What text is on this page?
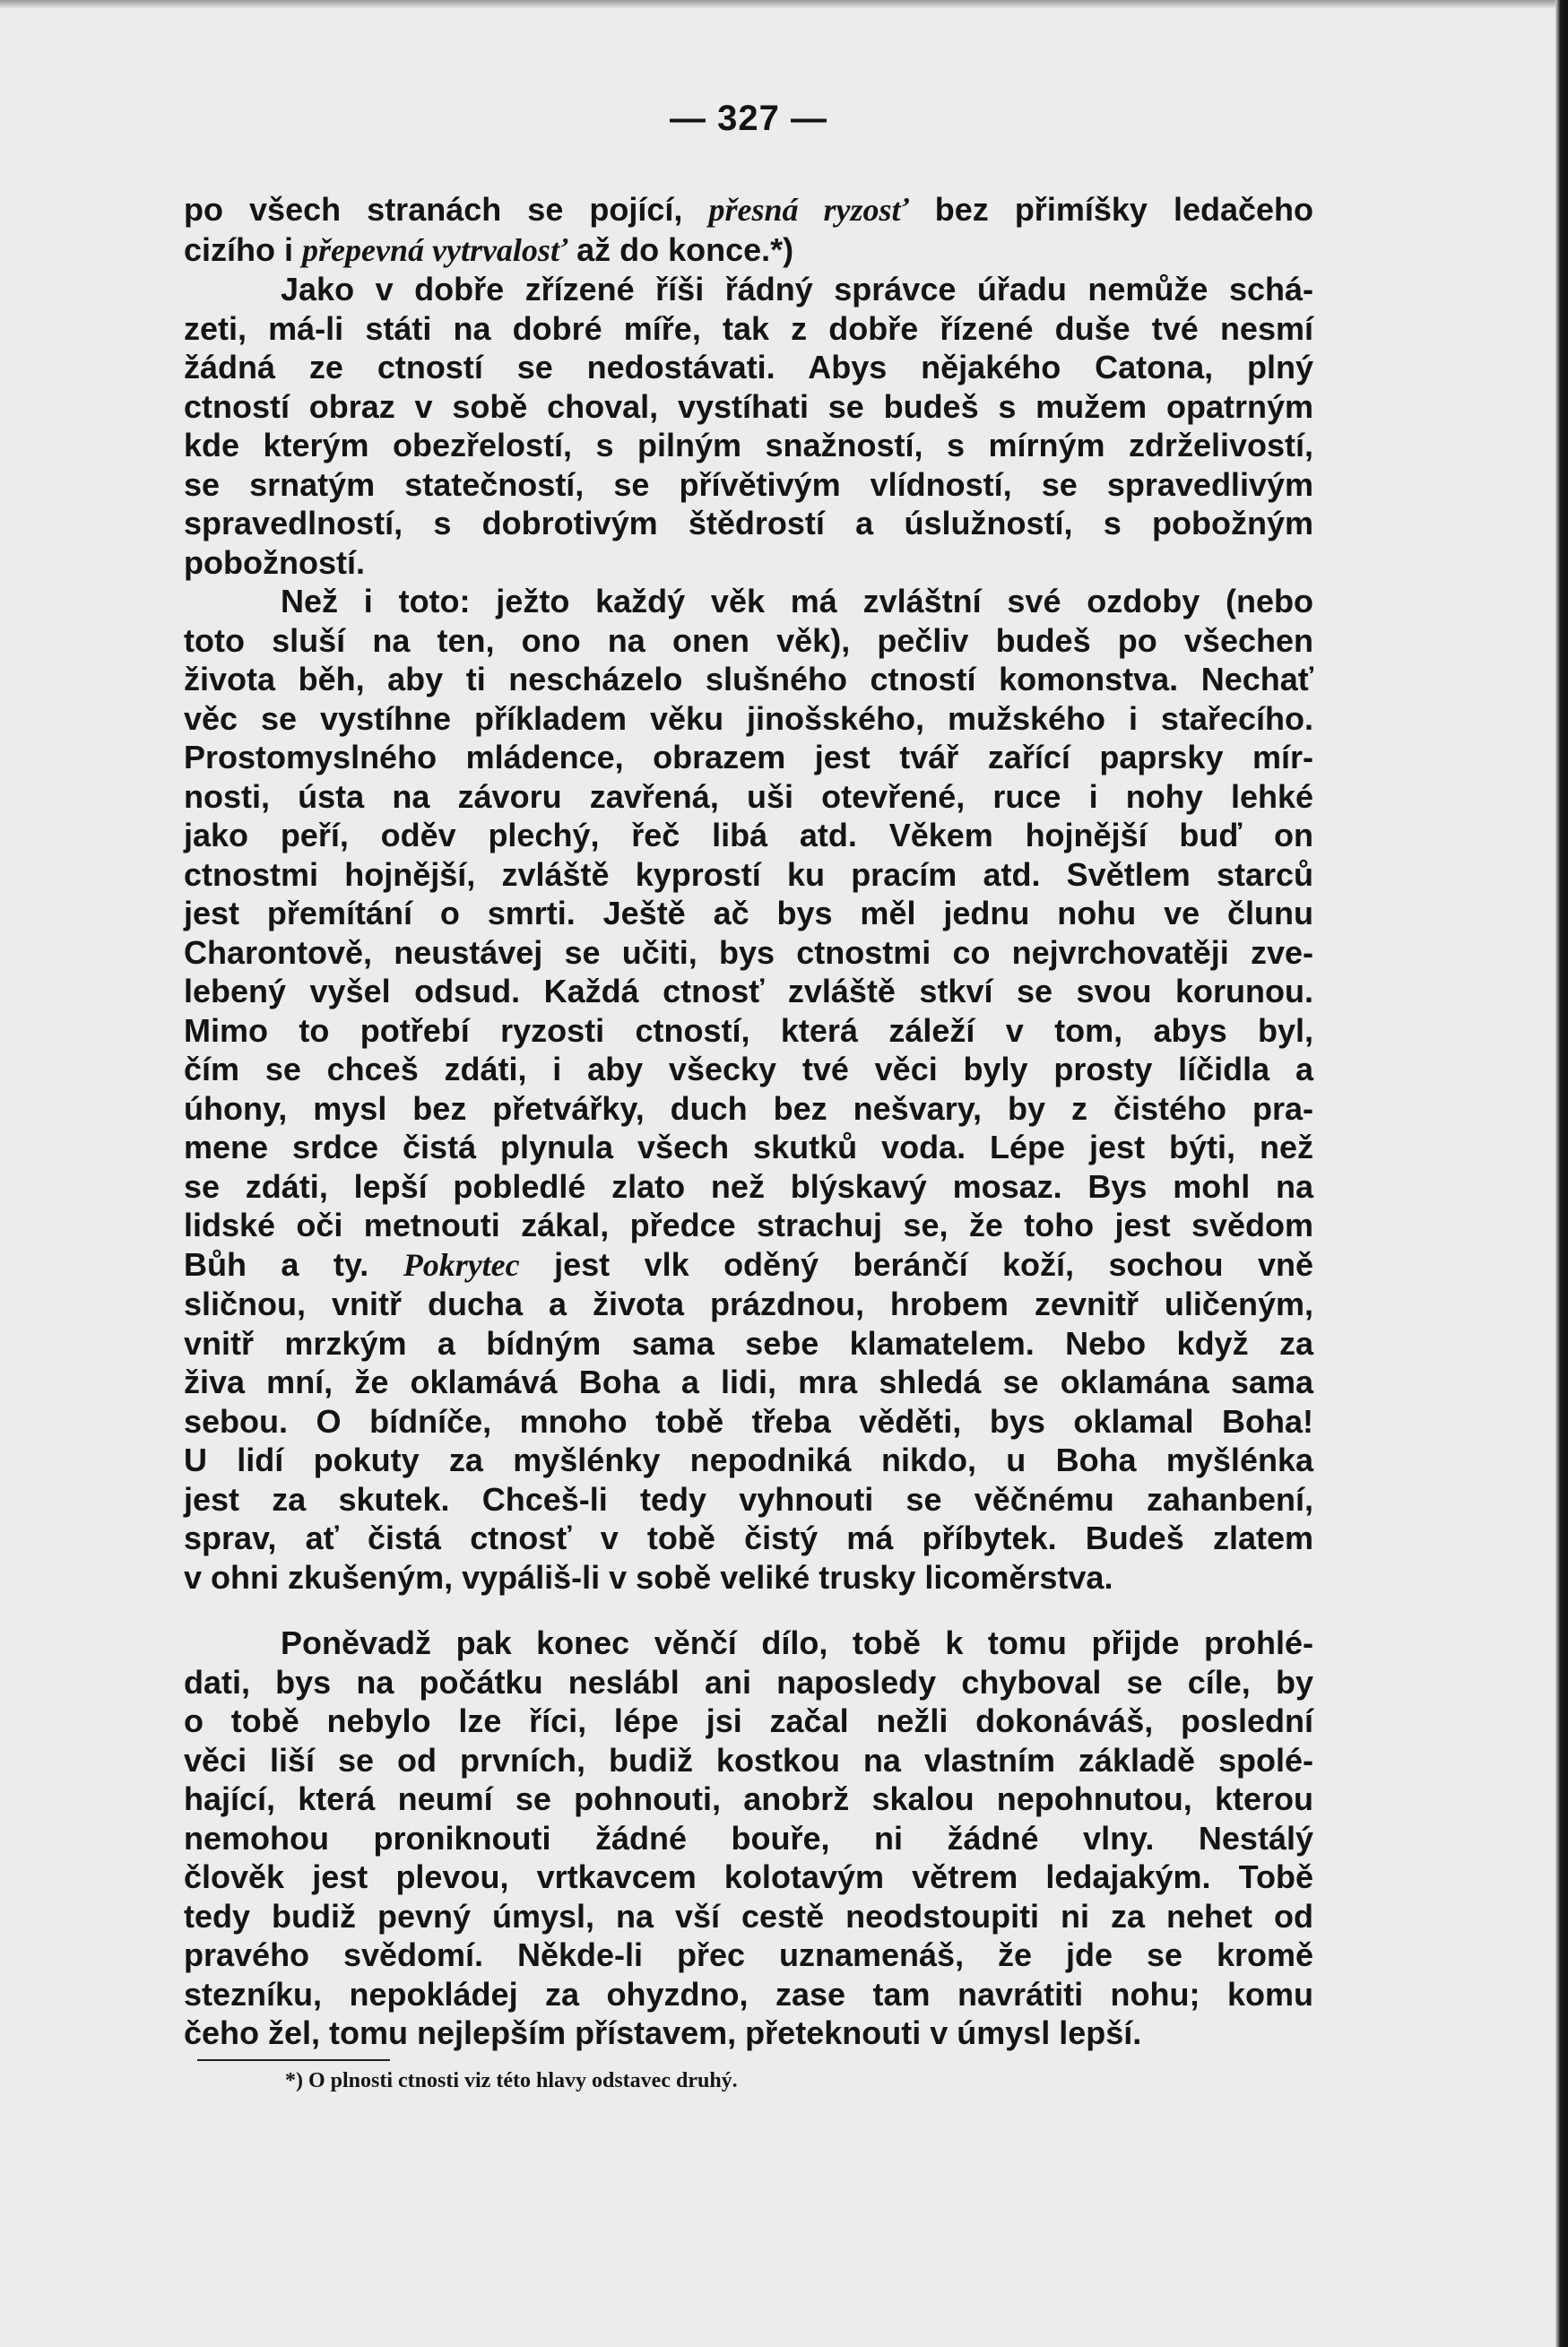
— 327 —
po všech stranách se pojící, přesná ryzosť bez přimíšky ledačeho
cizího i přepevná vytrvalosť až do konce.*)
Jako v dobře zřízené říši řádný správce úřadu nemůže schá-
zeti, má-li státi na dobré míře, tak z dobře řízené duše tvé nesmí
žádná ze ctností se nedostávati. Abys nějakého Catona, plný
ctností obraz v sobě choval, vystíhati se budeš s mužem opatrným
kde kterým obezřelostí, s pilným snažností, s mírným zdrželivostí,
se srnatým statečností, se přívětivým vlídností, se spravedlivým
spravedlností, s dobrotivým štědrostí a úslužností, s pobožným
pobožností.
Než i toto: ježto každý věk má zvláštní své ozdoby (nebo
toto sluší na ten, ono na onen věk), pečliv budeš po všechen
života běh, aby ti nescházelo slušného ctností komonstva. Nechať
věc se vystíhne příkladem věku jinošského, mužského i stařecího.
Prostomyslného mládence, obrazem jest tvář zařící paprsky mír-
nosti, ústa na závoru zavřená, uši otevřené, ruce i nohy lehké
jako peří, oděv plechý, řeč libá atd. Věkem hojnější buď on
ctnostmi hojnější, zvláště kyprostí ku pracím atd. Světlem starců
jest přemítání o smrti. Ještě ač bys měl jednu nohu ve člunu
Charontově, neustávej se učiti, bys ctnostmi co nejvrchovatěji zve-
lebený vyšel odsud. Každá ctnosť zvláště stkví se svou korunou.
Mimo to potřebí ryzosti ctností, která záleží v tom, abys byl,
čím se chceš zdáti, i aby všecky tvé věci byly prosty líčidla a
úhony, mysl bez přetvářky, duch bez nešvary, by z čistého pra-
mene srdce čistá plynula všech skutků voda. Lépe jest býti, než
se zdáti, lepší pobledlé zlato než blýskavý mosaz. Bys mohl na
lidské oči metnouti zákal, předce strachuj se, že toho jest svědom
Bůh a ty. Pokrytec jest vlk oděný beránčí koží, sochou vně
sličnou, vnitř ducha a života prázdnou, hrobem zevnitř uličeným,
vnitř mrzkým a bídným sama sebe klamatelem. Nebo když za
živa mní, že oklamává Boha a lidi, mra shledá se oklamána sama
sebou. O bídníče, mnoho tobě třeba věděti, bys oklamal Boha!
U lidí pokuty za myšlénky nepodniká nikdo, u Boha myšlénka
jest za skutek. Chceš-li tedy vyhnouti se věčnému zahanbení,
sprav, ať čistá ctnosť v tobě čistý má příbytek. Budeš zlatem
v ohni zkušeným, vypáliš-li v sobě veliké trusky licoměrstva.
Poněvadž pak konec věnčí dílo, tobě k tomu přijde prohlé-
dati, bys na počátku neslábl ani naposledy chyboval se cíle, by
o tobě nebylo lze říci, lépe jsi začal nežli dokonáváš, poslední
věci liší se od prvních, budiž kostkou na vlastním základě spolé-
hající, která neumí se pohnouti, anobrž skalou nepohnutou, kterou
nemohou proniknouti žádné bouře, ni žádné vlny. Nestálý
člověk jest plevou, vrtkavcem kolotavým větrem ledajakým. Tobě
tedy budiž pevný úmysl, na vší cestě neodstoupiti ni za nehet od
pravého svědomí. Někde-li přec uznamenáš, že jde se kromě
stezníku, nepokládej za ohyzdno, zase tam navrátiti nohu; komu
čeho žel, tomu nejlepším přístavem, přeteknouti v úmysl lepší.
*) O plnosti ctnosti viz této hlavy odstavec druhý.
